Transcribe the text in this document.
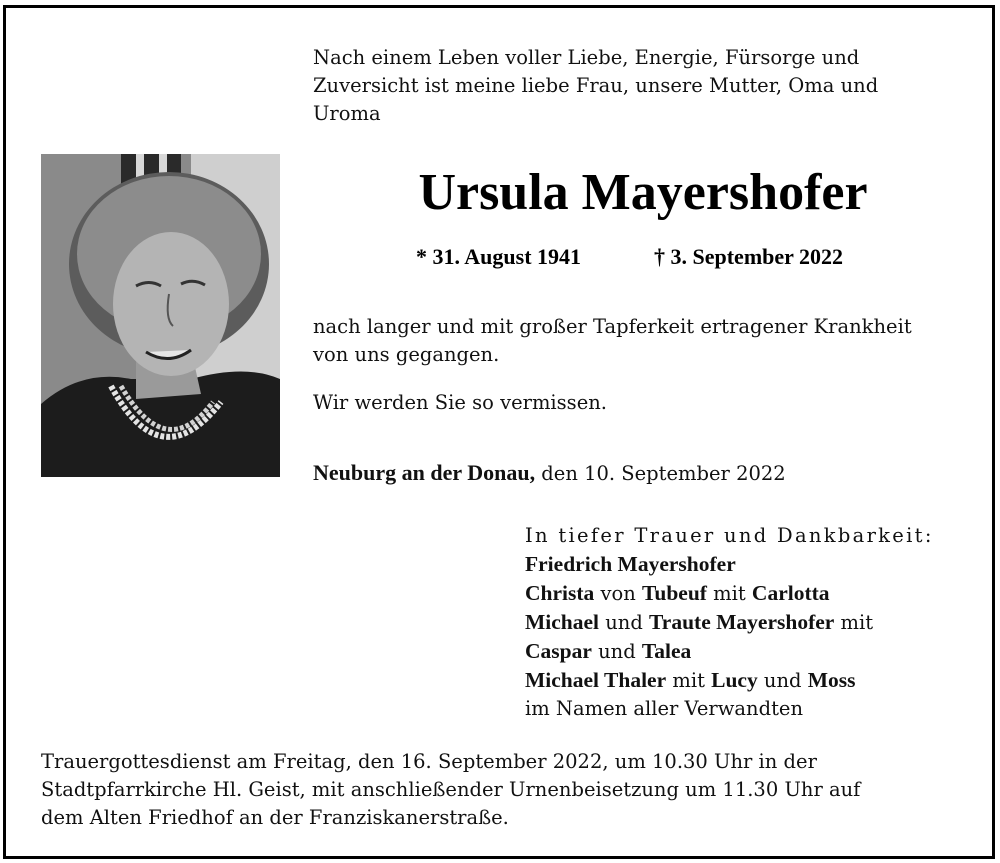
Nach einem Leben voller Liebe, Energie, Fürsorge und
Zuversicht ist meine liebe Frau, unsere Mutter, Oma und
Uroma
Ursula Mayershofer
* 31. August 1941	† 3. September 2022
nach langer und mit großer Tapferkeit ertragener Krankheit
von uns gegangen.
Wir werden Sie so vermissen.
Neuburg an der Donau, den 10. September 2022
In tiefer Trauer und Dankbarkeit:
Friedrich Mayershofer
Christa von Tubeuf mit Carlotta
Michael und Traute Mayershofer mit
Caspar und Talea
Michael Thaler mit Lucy und Moss
im Namen aller Verwandten
Trauergottesdienst am Freitag, den 16. September 2022, um 10.30 Uhr in der
Stadtpfarrkirche Hl. Geist, mit anschließender Urnenbeisetzung um 11.30 Uhr auf
dem Alten Friedhof an der Franziskanerstraße.
